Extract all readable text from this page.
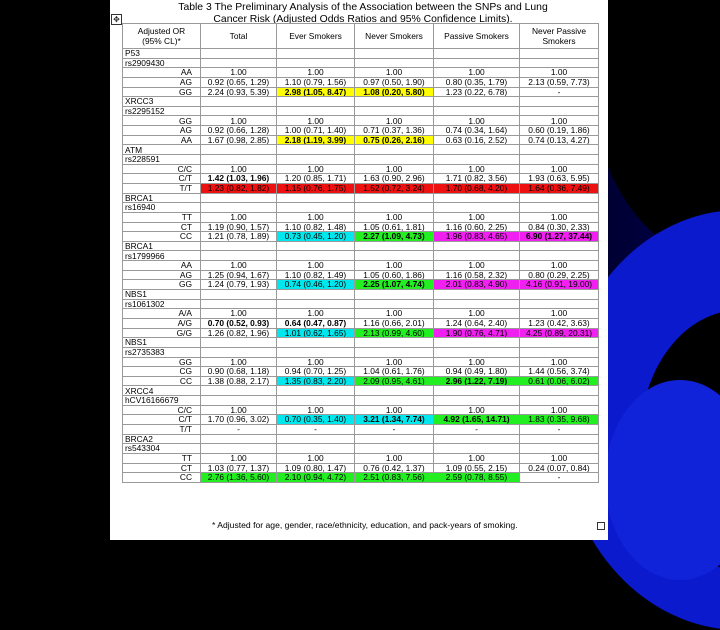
✥
Table 3 The Preliminary Analysis of the Association between the SNPs and Lung
Cancer Risk (Adjusted Odds Ratios and 95% Confidence Limits).
Adjusted OR
(95% CL)*	Total	Ever Smokers	Never Smokers	Passive Smokers	Never Passive
Smokers
P53					
rs2909430					
AA	1.00	1.00	1.00	1.00	1.00
AG	0.92 (0.65, 1.29)	1.10 (0.79, 1.56)	0.97 (0.50, 1.90)	0.80 (0.35, 1.79)	2.13 (0.59, 7.73)
GG	2.24 (0.93, 5.39)	2.98 (1.05, 8.47)	1.08 (0.20, 5.80)	1.23 (0.22, 6.78)	-
XRCC3					
rs2295152					
GG	1.00	1.00	1.00	1.00	1.00
AG	0.92 (0.66, 1.28)	1.00 (0.71, 1.40)	0.71 (0.37, 1.36)	0.74 (0.34, 1.64)	0.60 (0.19, 1.86)
AA	1.67 (0.98, 2.85)	2.18 (1.19, 3.99)	0.75 (0.26, 2.16)	0.63 (0.16, 2.52)	0.74 (0.13, 4.27)
ATM					
rs228591					
C/C	1.00	1.00	1.00	1.00	1.00
C/T	1.42 (1.03, 1.96)	1.20 (0.85, 1.71)	1.63 (0.90, 2.96)	1.71 (0.82, 3.56)	1.93 (0.63, 5.95)
T/T	1.23 (0.82, 1.82)	1.15 (0.76, 1.75)	1.52 (0.72, 3.24)	1.70 (0.68, 4.20)	1.64 (0.36, 7.49)
BRCA1					
rs16940					
TT	1.00	1.00	1.00	1.00	1.00
CT	1.19 (0.90, 1.57)	1.10 (0.82, 1.48)	1.05 (0.61, 1.81)	1.16 (0.60, 2.25)	0.84 (0.30, 2.33)
CC	1.21 (0.78, 1.89)	0.73 (0.45, 1.20)	2.27 (1.09, 4.73)	1.96 (0.83, 4.65)	6.90 (1.27, 37.44)
BRCA1					
rs1799966					
AA	1.00	1.00	1.00	1.00	1.00
AG	1.25 (0.94, 1.67)	1.10 (0.82, 1.49)	1.05 (0.60, 1.86)	1.16 (0.58, 2.32)	0.80 (0.29, 2.25)
GG	1.24 (0.79, 1.93)	0.74 (0.46, 1.20)	2.25 (1.07, 4.74)	2.01 (0.83, 4.90)	4.16 (0.91, 19.00)
NBS1					
rs1061302					
A/A	1.00	1.00	1.00	1.00	1.00
A/G	0.70 (0.52, 0.93)	0.64 (0.47, 0.87)	1.16 (0.66, 2.01)	1.24 (0.64, 2.40)	1.23 (0.42, 3.63)
G/G	1.26 (0.82, 1.96)	1.01 (0.62, 1.65)	2.13 (0.99, 4.60)	1.90 (0.76, 4.71)	4.25 (0.89, 20.31)
NBS1					
rs2735383					
GG	1.00	1.00	1.00	1.00	1.00
CG	0.90 (0.68, 1.18)	0.94 (0.70, 1.25)	1.04 (0.61, 1.76)	0.94 (0.49, 1.80)	1.44 (0.56, 3.74)
CC	1.38 (0.88, 2.17)	1.35 (0.83, 2.20)	2.09 (0.95, 4.61)	2.96 (1.22, 7.19)	0.61 (0.06, 6.02)
XRCC4					
hCV16166679					
C/C	1.00	1.00	1.00	1.00	1.00
C/T	1.70 (0.96, 3.02)	0.70 (0.35, 1.40)	3.21 (1.34, 7.74)	4.92 (1.65, 14.71)	1.83 (0.35, 9.68)
T/T	-	-	-	-	-
BRCA2					
rs543304					
TT	1.00	1.00	1.00	1.00	1.00
CT	1.03 (0.77, 1.37)	1.09 (0.80, 1.47)	0.76 (0.42, 1.37)	1.09 (0.55, 2.15)	0.24 (0.07, 0.84)
CC	2.76 (1.36, 5.60)	2.10 (0.94, 4.72)	2.51 (0.83, 7.56)	2.59 (0.78, 8.55)	-
* Adjusted for age, gender, race/ethnicity, education, and pack-years of smoking.
